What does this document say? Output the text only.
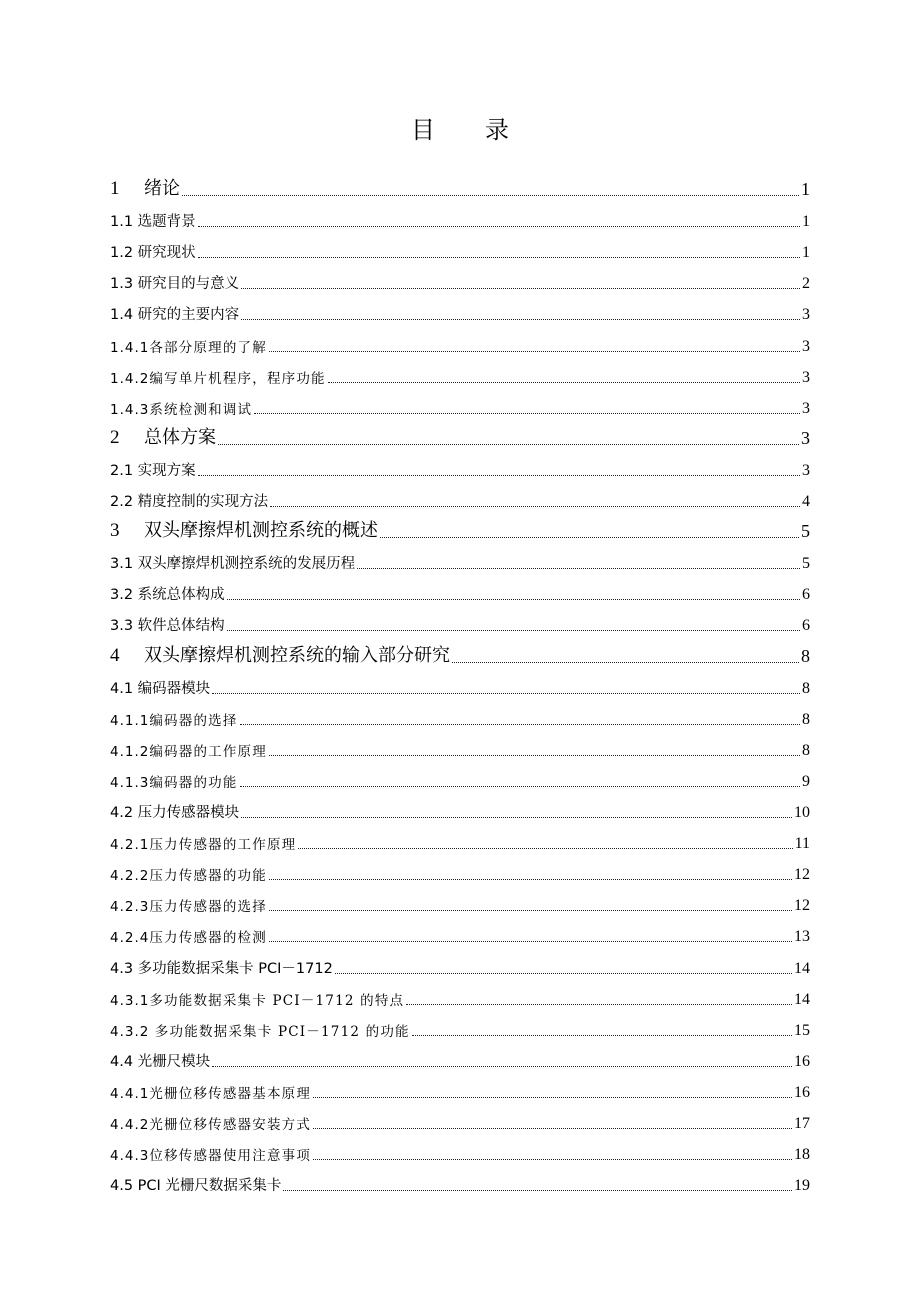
目 录
1 绪论	1
1.1 选题背景	1
1.2 研究现状	1
1.3 研究目的与意义	2
1.4 研究的主要内容	3
1.4.1各部分原理的了解	3
1.4.2编写单片机程序，程序功能	3
1.4.3系统检测和调试	3
2 总体方案	3
2.1 实现方案	3
2.2 精度控制的实现方法	4
3 双头摩擦焊机测控系统的概述	5
3.1 双头摩擦焊机测控系统的发展历程	5
3.2 系统总体构成	6
3.3 软件总体结构	6
4 双头摩擦焊机测控系统的输入部分研究	8
4.1 编码器模块	8
4.1.1编码器的选择	8
4.1.2编码器的工作原理	8
4.1.3编码器的功能	9
4.2 压力传感器模块	10
4.2.1压力传感器的工作原理	11
4.2.2压力传感器的功能	12
4.2.3压力传感器的选择	12
4.2.4压力传感器的检测	13
4.3 多功能数据采集卡 PCI－1712	14
4.3.1多功能数据采集卡 PCI－1712 的特点	14
4.3.2 多功能数据采集卡 PCI－1712 的功能	15
4.4 光栅尺模块	16
4.4.1光栅位移传感器基本原理	16
4.4.2光栅位移传感器安装方式	17
4.4.3位移传感器使用注意事项	18
4.5 PCI 光栅尺数据采集卡	19
